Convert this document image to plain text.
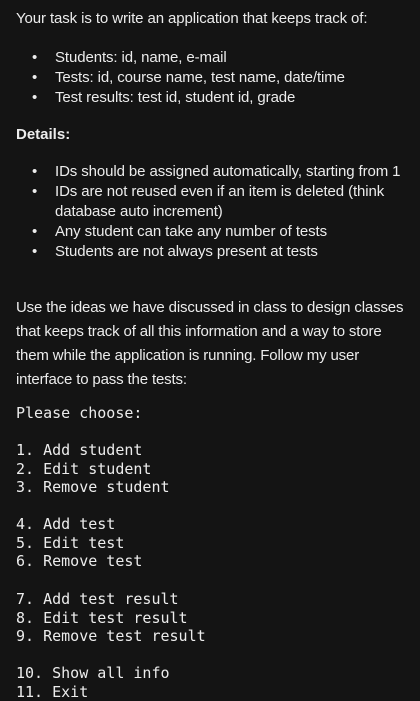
Your task is to write an application that keeps track of:
• Students: id, name, e-mail
• Tests: id, course name, test name, date/time
• Test results: test id, student id, grade
Details:
• IDs should be assigned automatically, starting from 1
• IDs are not reused even if an item is deleted (think database auto increment)
• Any student can take any number of tests
• Students are not always present at tests
Use the ideas we have discussed in class to design classes that keeps track of all this information and a way to store them while the application is running. Follow my user interface to pass the tests:
Please choose:
1. Add student
2. Edit student
3. Remove student
4. Add test
5. Edit test
6. Remove test
7. Add test result
8. Edit test result
9. Remove test result
10. Show all info
11. Exit
